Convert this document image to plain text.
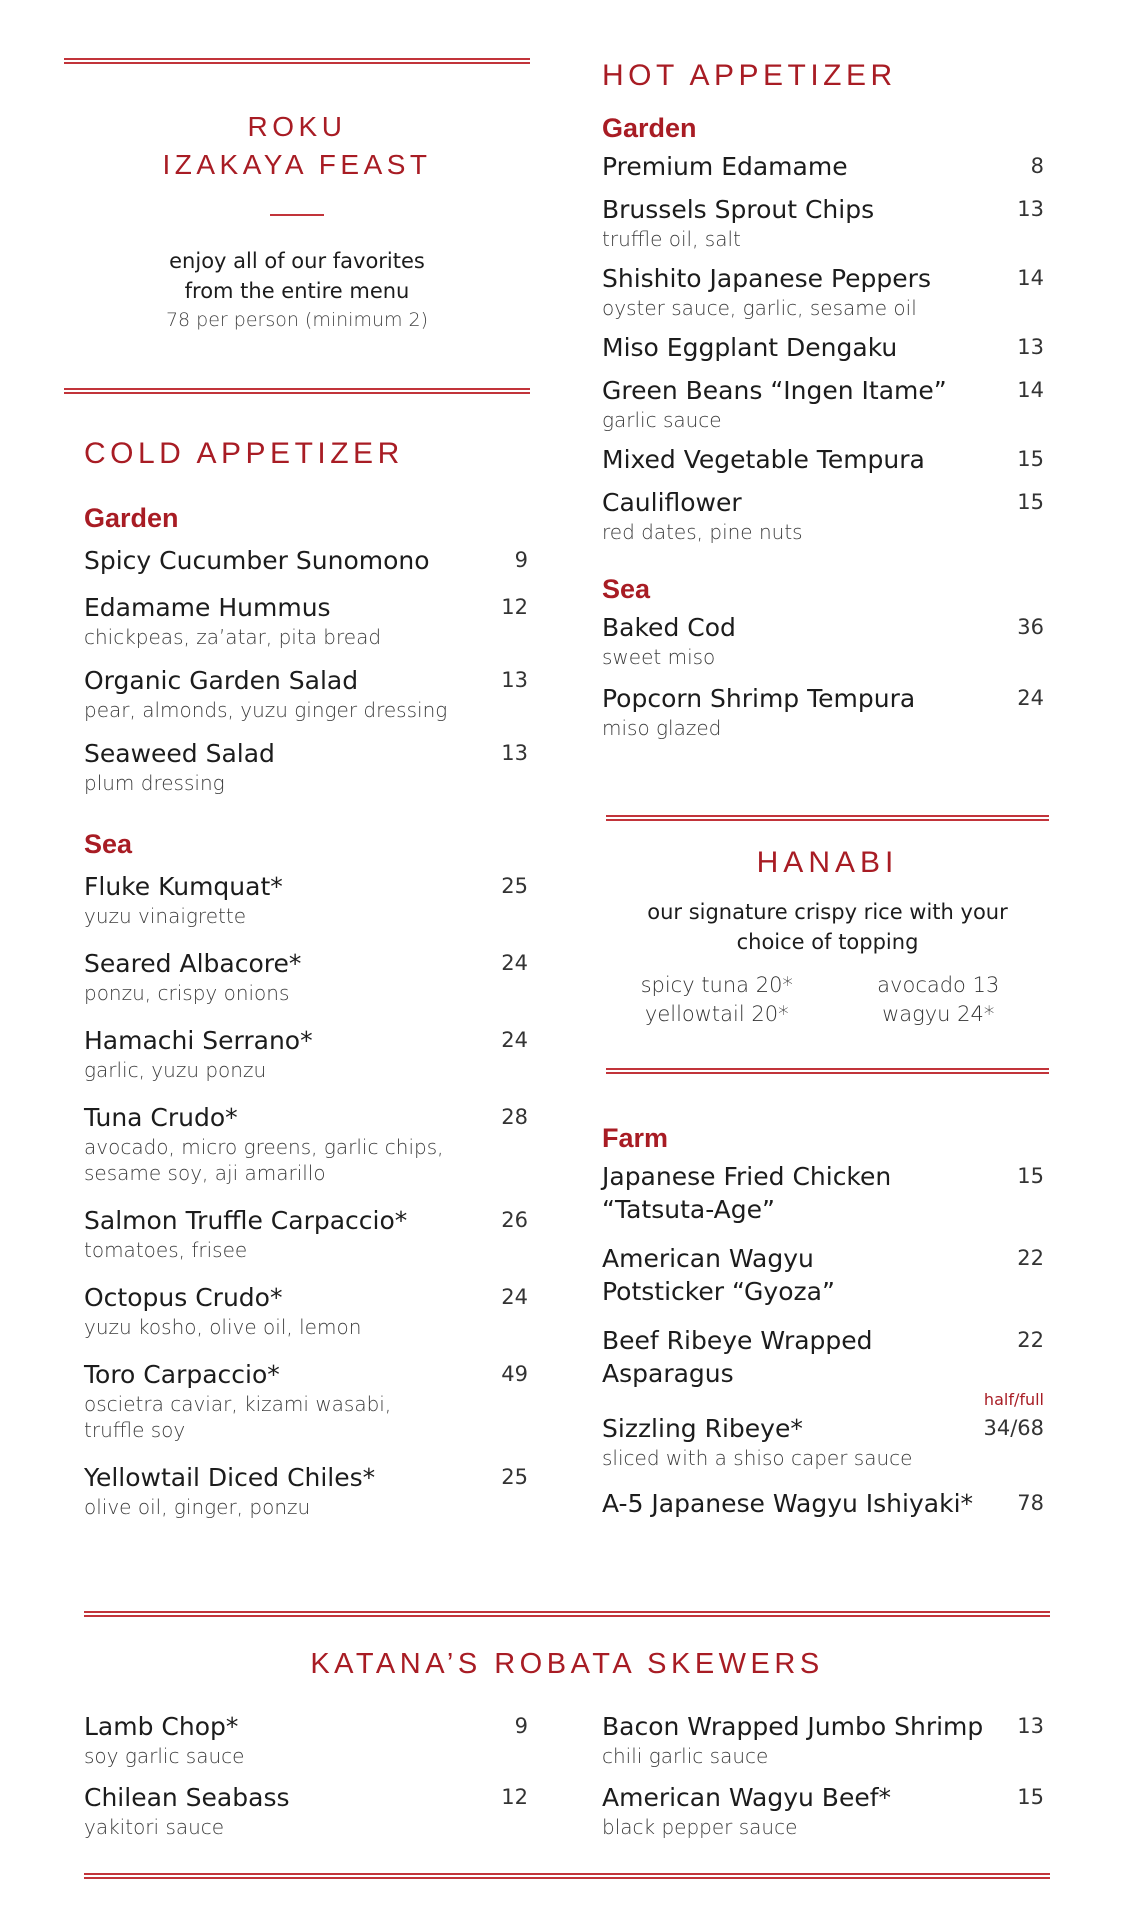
ROKU
IZAKAYA FEAST
enjoy all of our favorites
from the entire menu
78 per person (minimum 2)
COLD APPETIZER
Garden
Spicy Cucumber Sunomono	9
Edamame Hummus	12
chickpeas, za’atar, pita bread
Organic Garden Salad	13
pear, almonds, yuzu ginger dressing
Seaweed Salad	13
plum dressing
Sea
Fluke Kumquat*	25
yuzu vinaigrette
Seared Albacore*	24
ponzu, crispy onions
Hamachi Serrano*	24
garlic, yuzu ponzu
Tuna Crudo*	28
avocado, micro greens, garlic chips, sesame soy, aji amarillo
Salmon Truffle Carpaccio*	26
tomatoes, frisee
Octopus Crudo*	24
yuzu kosho, olive oil, lemon
Toro Carpaccio*	49
oscietra caviar, kizami wasabi, truffle soy
Yellowtail Diced Chiles*	25
olive oil, ginger, ponzu
HOT APPETIZER
Garden
Premium Edamame	8
Brussels Sprout Chips	13
truffle oil, salt
Shishito Japanese Peppers	14
oyster sauce, garlic, sesame oil
Miso Eggplant Dengaku	13
Green Beans “Ingen Itame”	14
garlic sauce
Mixed Vegetable Tempura	15
Cauliflower	15
red dates, pine nuts
Sea
Baked Cod	36
sweet miso
Popcorn Shrimp Tempura	24
miso glazed
HANABI
our signature crispy rice with your
choice of topping
spicy tuna 20*	avocado 13
yellowtail 20*	wagyu 24*
Farm
Japanese Fried Chicken
“Tatsuta-Age”
15
American Wagyu
Potsticker “Gyoza”
22
Beef Ribeye Wrapped
Asparagus
22
half/full
Sizzling Ribeye*	34/68
sliced with a shiso caper sauce
A-5 Japanese Wagyu Ishiyaki*	78
KATANA’S ROBATA SKEWERS
Lamb Chop*	9
soy garlic sauce
Chilean Seabass	12
yakitori sauce
Bacon Wrapped Jumbo Shrimp	13
chili garlic sauce
American Wagyu Beef*	15
black pepper sauce
